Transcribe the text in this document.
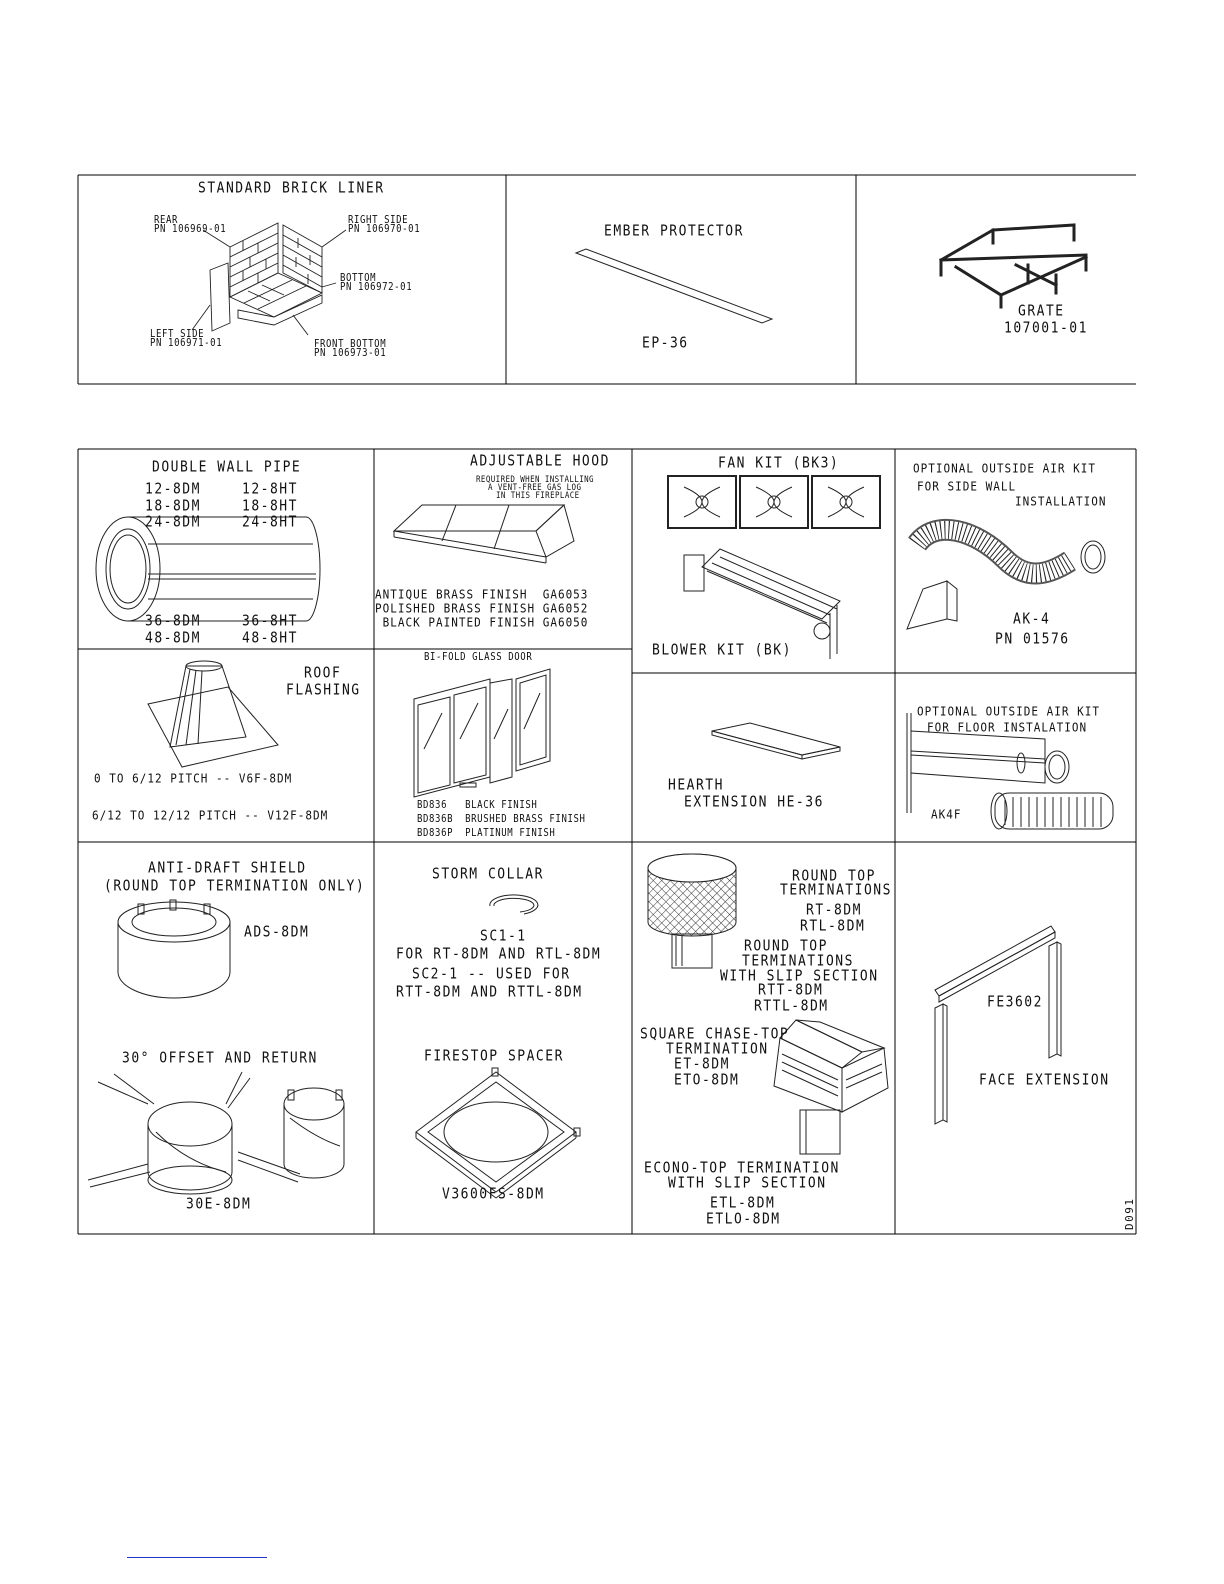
STANDARD BRICK LINER
REAR
PN 106969-01
RIGHT SIDE
PN 106970-01
BOTTOM
PN 106972-01
LEFT SIDE
PN 106971-01	FRONT BOTTOM
PN 106973-01
EMBER PROTECTOR
EP-36
GRATE
107001-01
DOUBLE WALL PIPE
12-8DM	12-8HT
18-8DM	18-8HT
24-8DM	24-8HT
36-8DM	36-8HT
48-8DM	48-8HT
ADJUSTABLE HOOD
REQUIRED WHEN INSTALLING
A VENT-FREE GAS LOG
IN THIS FIREPLACE
ANTIQUE BRASS FINISH  GA6053
POLISHED BRASS FINISH GA6052
BLACK PAINTED FINISH GA6050
FAN KIT (BK3)
BLOWER KIT (BK)
OPTIONAL OUTSIDE AIR KIT
FOR SIDE WALL
INSTALLATION
AK-4
PN 01576
ROOF
FLASHING
0 TO 6/12 PITCH -- V6F-8DM
6/12 TO 12/12 PITCH -- V12F-8DM
BI-FOLD GLASS DOOR
BD836   BLACK FINISH
BD836B  BRUSHED BRASS FINISH
BD836P  PLATINUM FINISH
HEARTH
EXTENSION HE-36
OPTIONAL OUTSIDE AIR KIT
FOR FLOOR INSTALATION
AK4F
ANTI-DRAFT SHIELD
(ROUND TOP TERMINATION ONLY)
ADS-8DM
30° OFFSET AND RETURN
30E-8DM
STORM COLLAR
SC1-1
FOR RT-8DM AND RTL-8DM
SC2-1 -- USED FOR
RTT-8DM AND RTTL-8DM
FIRESTOP SPACER
V3600FS-8DM
ROUND TOP
TERMINATIONS
RT-8DM
RTL-8DM
ROUND TOP
TERMINATIONS
WITH SLIP SECTION
RTT-8DM
RTTL-8DM
SQUARE CHASE-TOP
TERMINATION
ET-8DM
ETO-8DM
ECONO-TOP TERMINATION
WITH SLIP SECTION
ETL-8DM
ETLO-8DM
FE3602
FACE EXTENSION
D091
